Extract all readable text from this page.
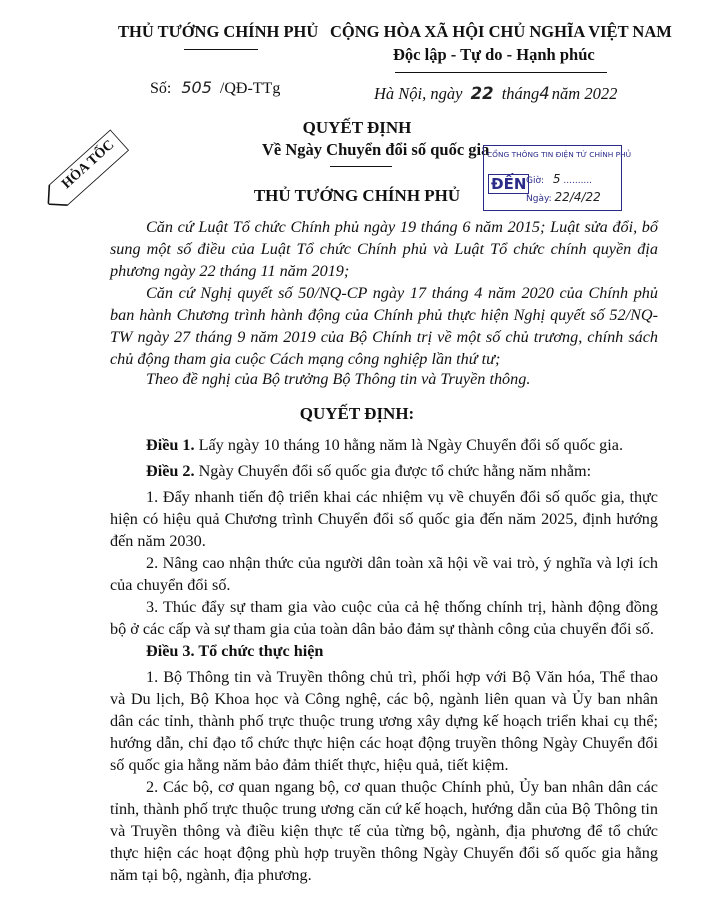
THỦ TƯỚNG CHÍNH PHỦ CỘNG HÒA XÃ HỘI CHỦ NGHĨA VIỆT NAM
Độc lập - Tự do - Hạnh phúc
Số: 505 /QĐ-TTg	Hà Nội, ngày 22 tháng4 năm 2022
HỎA TỐC
QUYẾT ĐỊNH
Về Ngày Chuyển đổi số quốc gia
THỦ TƯỚNG CHÍNH PHỦ
CỔNG THÔNG TIN ĐIỆN TỬ CHÍNH PHỦ
ĐẾN Giờ: 5 ..........
Ngày: 22/4/22
Căn cứ Luật Tổ chức Chính phủ ngày 19 tháng 6 năm 2015; Luật sửa đổi, bổ sung một số điều của Luật Tổ chức Chính phủ và Luật Tổ chức chính quyền địa phương ngày 22 tháng 11 năm 2019;
Căn cứ Nghị quyết số 50/NQ-CP ngày 17 tháng 4 năm 2020 của Chính phủ ban hành Chương trình hành động của Chính phủ thực hiện Nghị quyết số 52/NQ-TW ngày 27 tháng 9 năm 2019 của Bộ Chính trị về một số chủ trương, chính sách chủ động tham gia cuộc Cách mạng công nghiệp lần thứ tư;
Theo đề nghị của Bộ trưởng Bộ Thông tin và Truyền thông.
QUYẾT ĐỊNH:
Điều 1. Lấy ngày 10 tháng 10 hằng năm là Ngày Chuyển đổi số quốc gia.
Điều 2. Ngày Chuyển đổi số quốc gia được tổ chức hằng năm nhằm:
1. Đẩy nhanh tiến độ triển khai các nhiệm vụ về chuyển đổi số quốc gia, thực hiện có hiệu quả Chương trình Chuyển đổi số quốc gia đến năm 2025, định hướng đến năm 2030.
2. Nâng cao nhận thức của người dân toàn xã hội về vai trò, ý nghĩa và lợi ích của chuyển đổi số.
3. Thúc đẩy sự tham gia vào cuộc của cả hệ thống chính trị, hành động đồng bộ ở các cấp và sự tham gia của toàn dân bảo đảm sự thành công của chuyển đổi số.
Điều 3. Tổ chức thực hiện
1. Bộ Thông tin và Truyền thông chủ trì, phối hợp với Bộ Văn hóa, Thể thao và Du lịch, Bộ Khoa học và Công nghệ, các bộ, ngành liên quan và Ủy ban nhân dân các tỉnh, thành phố trực thuộc trung ương xây dựng kế hoạch triển khai cụ thể; hướng dẫn, chỉ đạo tổ chức thực hiện các hoạt động truyền thông Ngày Chuyển đổi số quốc gia hằng năm bảo đảm thiết thực, hiệu quả, tiết kiệm.
2. Các bộ, cơ quan ngang bộ, cơ quan thuộc Chính phủ, Ủy ban nhân dân các tỉnh, thành phố trực thuộc trung ương căn cứ kế hoạch, hướng dẫn của Bộ Thông tin và Truyền thông và điều kiện thực tế của từng bộ, ngành, địa phương để tổ chức thực hiện các hoạt động phù hợp truyền thông Ngày Chuyển đổi số quốc gia hằng năm tại bộ, ngành, địa phương.
